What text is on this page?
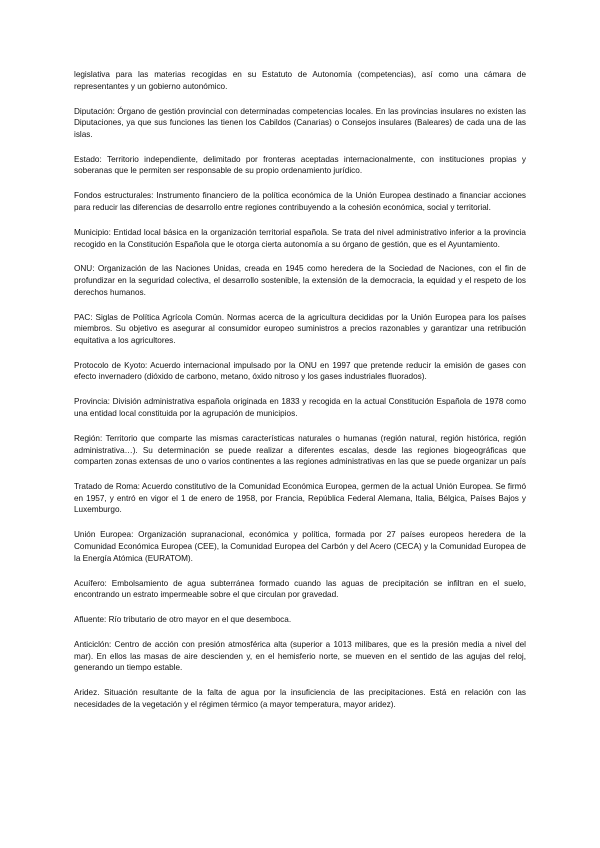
legislativa para las materias recogidas en su Estatuto de Autonomía (competencias), así como una cámara de representantes y un gobierno autonómico.

Diputación: Órgano de gestión provincial con determinadas competencias locales. En las provincias insulares no existen las Diputaciones, ya que sus funciones las tienen los Cabildos (Canarias) o Consejos insulares (Baleares) de cada una de las islas.

Estado: Territorio independiente, delimitado por fronteras aceptadas internacionalmente, con instituciones propias y soberanas que le permiten ser responsable de su propio ordenamiento jurídico.

Fondos estructurales: Instrumento financiero de la política económica de la Unión Europea destinado a financiar acciones para reducir las diferencias de desarrollo entre regiones contribuyendo a la cohesión económica, social y territorial.

Municipio: Entidad local básica en la organización territorial española. Se trata del nivel administrativo inferior a la provincia recogido en la Constitución Española que le otorga cierta autonomía a su órgano de gestión, que es el Ayuntamiento.

ONU: Organización de las Naciones Unidas, creada en 1945 como heredera de la Sociedad de Naciones, con el fin de profundizar en la seguridad colectiva, el desarrollo sostenible, la extensión de la democracia, la equidad y el respeto de los derechos humanos.

PAC: Siglas de Política Agrícola Común. Normas acerca de la agricultura decididas por la Unión Europea para los países miembros. Su objetivo es asegurar al consumidor europeo suministros a precios razonables y garantizar una retribución equitativa a los agricultores.

Protocolo de Kyoto: Acuerdo internacional impulsado por la ONU en 1997 que pretende reducir la emisión de gases con efecto invernadero (dióxido de carbono, metano, óxido nitroso y los gases industriales fluorados).

Provincia: División administrativa española originada en 1833 y recogida en la actual Constitución Española de 1978 como una entidad local constituida por la agrupación de municipios.

Región: Territorio que comparte las mismas características naturales o humanas (región natural, región histórica, región administrativa…). Su determinación se puede realizar a diferentes escalas, desde las regiones biogeográficas que comparten zonas extensas de uno o varios continentes a las regiones administrativas en las que se puede organizar un país

Tratado de Roma: Acuerdo constitutivo de la Comunidad Económica Europea, germen de la actual Unión Europea. Se firmó en 1957, y entró en vigor el 1 de enero de 1958, por Francia, República Federal Alemana, Italia, Bélgica, Países Bajos y Luxemburgo.

Unión Europea: Organización supranacional, económica y política, formada por 27 países europeos heredera de la Comunidad Económica Europea (CEE), la Comunidad Europea del Carbón y del Acero (CECA) y la Comunidad Europea de la Energía Atómica (EURATOM).

Acuífero: Embolsamiento de agua subterránea formado cuando las aguas de precipitación se infiltran en el suelo, encontrando un estrato impermeable sobre el que circulan por gravedad.

Afluente: Río tributario de otro mayor en el que desemboca.

Anticiclón: Centro de acción con presión atmosférica alta (superior a 1013 milibares, que es la presión media a nivel del mar). En ellos las masas de aire descienden y, en el hemisferio norte, se mueven en el sentido de las agujas del reloj, generando un tiempo estable.

Aridez. Situación resultante de la falta de agua por la insuficiencia de las precipitaciones. Está en relación con las necesidades de la vegetación y el régimen térmico (a mayor temperatura, mayor aridez).
